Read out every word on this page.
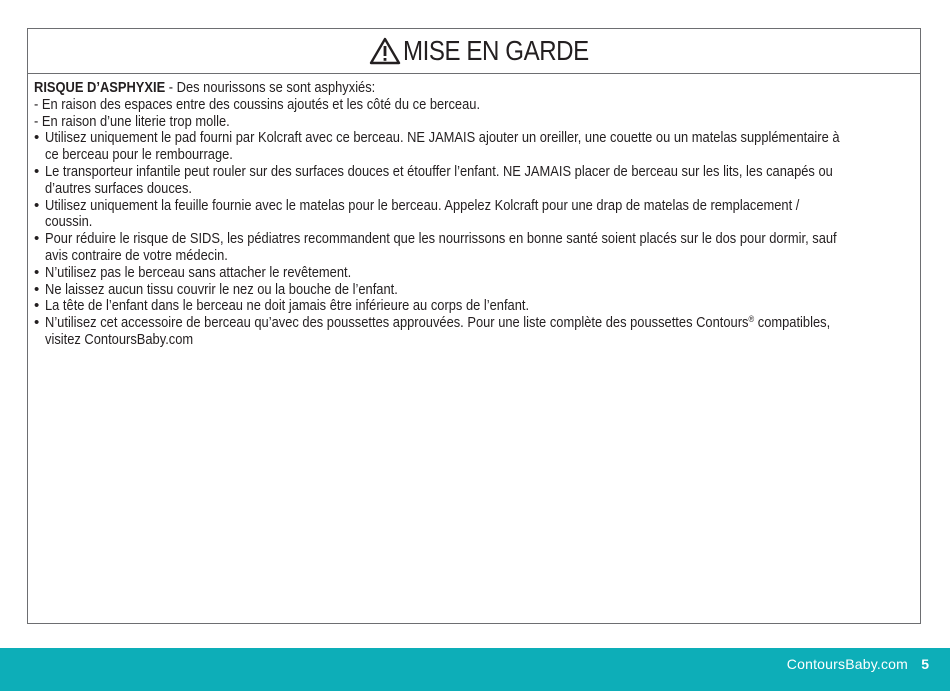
MISE EN GARDE
RISQUE D’ASPHYXIE - Des nourissons se sont asphyxiés:
- En raison des espaces entre des coussins ajoutés et les côté du ce berceau.
- En raison d’une literie trop molle.
• Utilisez uniquement le pad fourni par Kolcraft avec ce berceau. NE JAMAIS ajouter un oreiller, une couette ou un matelas supplémentaire à
ce berceau pour le rembourrage.
• Le transporteur infantile peut rouler sur des surfaces douces et étouffer l’enfant. NE JAMAIS placer de berceau sur les lits, les canapés ou
d’autres surfaces douces.
• Utilisez uniquement la feuille fournie avec le matelas pour le berceau. Appelez Kolcraft pour une drap de matelas de remplacement /
coussin.
• Pour réduire le risque de SIDS, les pédiatres recommandent que les nourrissons en bonne santé soient placés sur le dos pour dormir, sauf
avis contraire de votre médecin.
• N’utilisez pas le berceau sans attacher le revêtement.
• Ne laissez aucun tissu couvrir le nez ou la bouche de l’enfant.
• La tête de l’enfant dans le berceau ne doit jamais être inférieure au corps de l’enfant.
• N’utilisez cet accessoire de berceau qu’avec des poussettes approuvées. Pour une liste complète des poussettes Contours® compatibles,
visitez ContoursBaby.com
ContoursBaby.com 5
